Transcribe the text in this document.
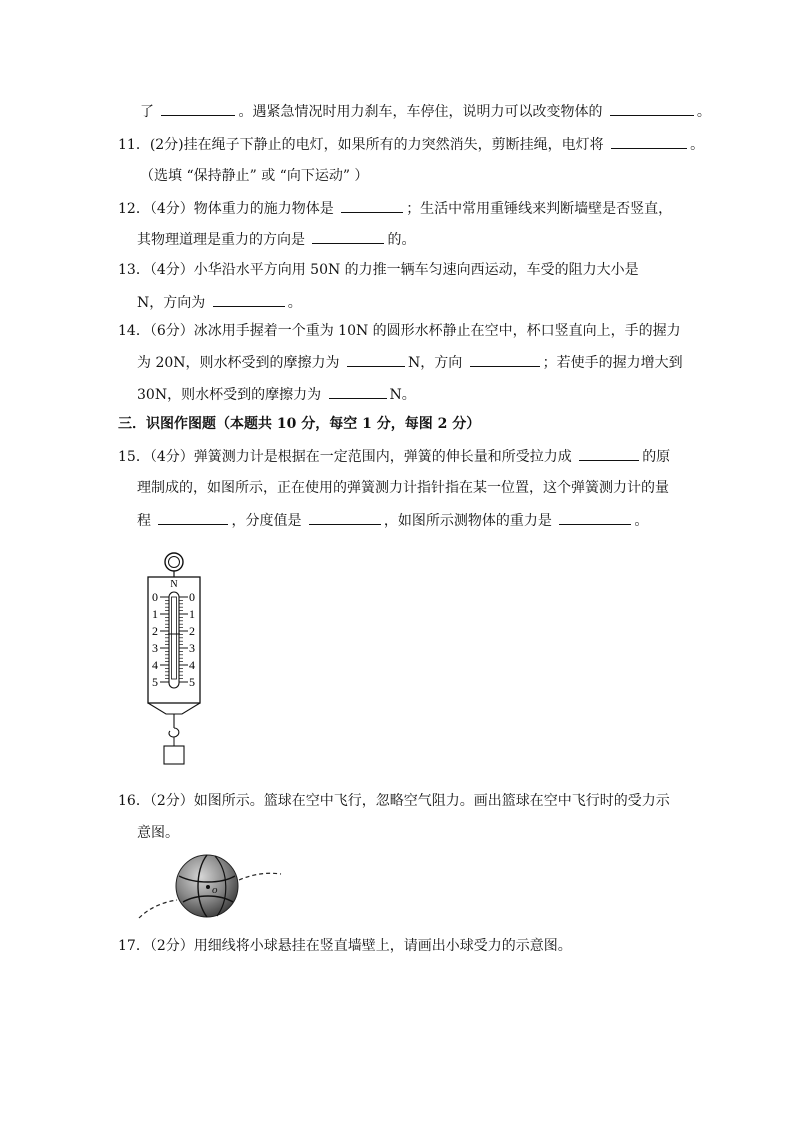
了	。遇紧急情况时用力刹车，车停住，说明力可以改变物体的	。
11．(2分)挂在绳子下静止的电灯，如果所有的力突然消失，剪断挂绳，电灯将	。
（选填 “保持静止” 或 “向下运动” ）
12．（4分）物体重力的施力物体是	；生活中常用重锤线来判断墙壁是否竖直，
其物理道理是重力的方向是	的。
13．（4分）小华沿水平方向用 50N 的力推一辆车匀速向西运动，车受的阻力大小是
N，方向为	。
14．（6分）冰冰用手握着一个重为 10N 的圆形水杯静止在空中，杯口竖直向上，手的握力
为 20N，则水杯受到的摩擦力为	N，方向	；若使手的握力增大到
30N，则水杯受到的摩擦力为	N。
三．识图作图题（本题共 10 分，每空 1 分，每图 2 分）
15．（4分）弹簧测力计是根据在一定范围内，弹簧的伸长量和所受拉力成	的原
理制成的，如图所示，正在使用的弹簧测力计指针指在某一位置，这个弹簧测力计的量
程	，分度值是	，如图所示测物体的重力是	。
N
0
1
2
3
4
5
0
1
2
3
4
5
16．（2分）如图所示。篮球在空中飞行，忽略空气阻力。画出篮球在空中飞行时的受力示
意图。
o
17．（2分）用细线将小球悬挂在竖直墙壁上，请画出小球受力的示意图。
